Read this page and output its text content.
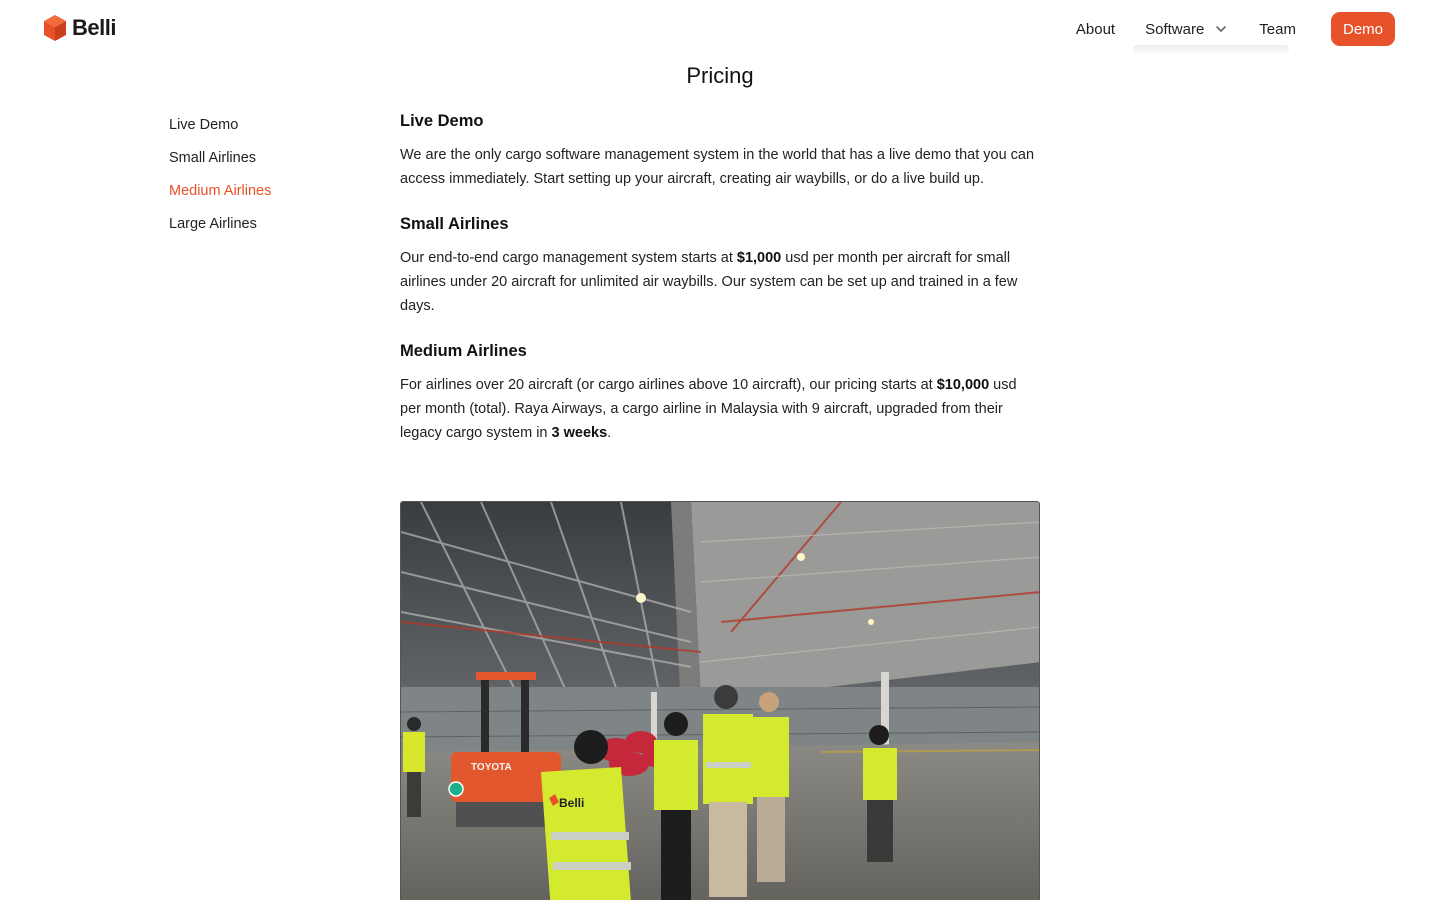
Belli	About Software	Team	Demo
Pricing
Live Demo
Small Airlines
Medium Airlines
Large Airlines
Live Demo

We are the only cargo software management system in the world that has a live demo that you can access immediately. Start setting up your aircraft, creating air waybills, or do a live build up.

Small Airlines

Our end-to-end cargo management system starts at $1,000 usd per month per aircraft for small airlines under 20 aircraft for unlimited air waybills. Our system can be set up and trained in a few days.

Medium Airlines

For airlines over 20 aircraft (or cargo airlines above 10 aircraft), our pricing starts at $10,000 usd per month (total). Raya Airways, a cargo airline in Malaysia with 9 aircraft, upgraded from their legacy cargo system in 3 weeks.

TOYOTA
Belli
